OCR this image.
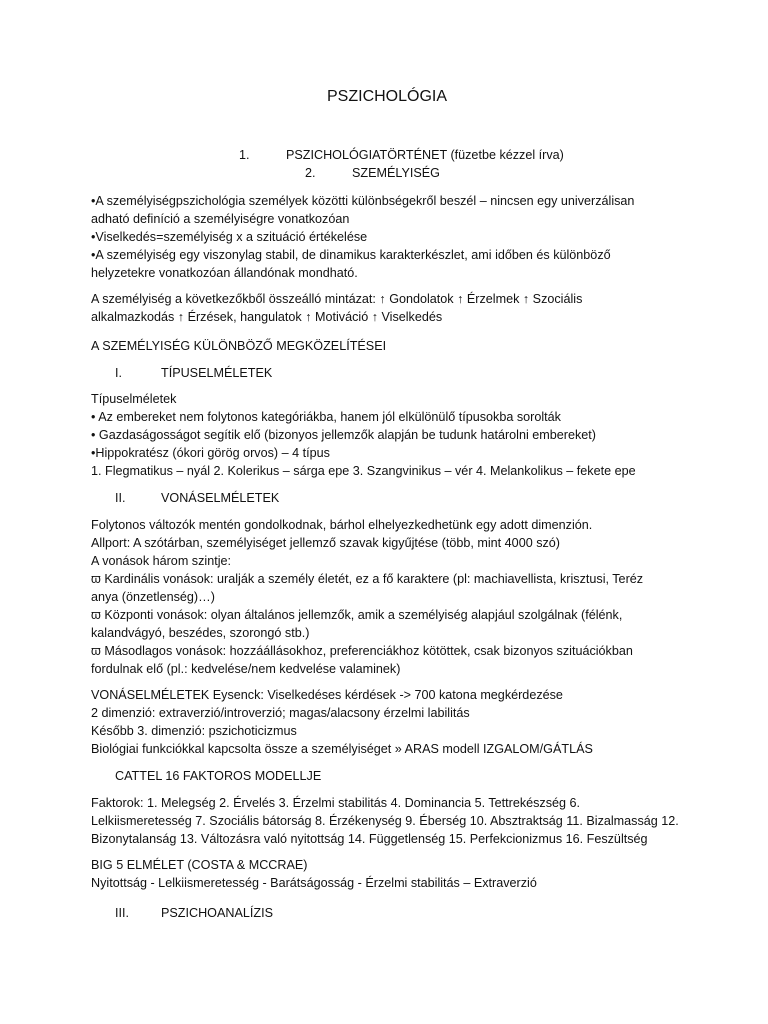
PSZICHOLÓGIA
1.	PSZICHOLÓGIATÖRTÉNET (füzetbe kézzel írva)
2.	SZEMÉLYISÉG
•A személyiségpszichológia személyek közötti különbségekről beszél – nincsen egy univerzálisan
adható definíció a személyiségre vonatkozóan
•Viselkedés=személyiség x a szituáció értékelése
•A személyiség egy viszonylag stabil, de dinamikus karakterkészlet, ami időben és különböző
helyzetekre vonatkozóan állandónak mondható.
A személyiség a következőkből összeálló mintázat: ↑ Gondolatok ↑ Érzelmek ↑ Szociális
alkalmazkodás ↑ Érzések, hangulatok ↑ Motiváció ↑ Viselkedés
A SZEMÉLYISÉG KÜLÖNBÖZŐ MEGKÖZELÍTÉSEI
I.	TÍPUSELMÉLETEK
Típuselméletek
• Az embereket nem folytonos kategóriákba, hanem jól elkülönülő típusokba sorolták
• Gazdaságosságot segítik elő (bizonyos jellemzők alapján be tudunk határolni embereket)
•Hippokratész (ókori görög orvos) – 4 típus
1. Flegmatikus – nyál 2. Kolerikus – sárga epe 3. Szangvinikus – vér 4. Melankolikus – fekete epe
II.	VONÁSELMÉLETEK
Folytonos változók mentén gondolkodnak, bárhol elhelyezkedhetünk egy adott dimenzión.
Allport: A szótárban, személyiséget jellemző szavak kigyűjtése (több, mint 4000 szó)
A vonások három szintje:
ϖ Kardinális vonások: uralják a személy életét, ez a fő karaktere (pl: machiavellista, krisztusi, Teréz
anya (önzetlenség)…)
ϖ Központi vonások: olyan általános jellemzők, amik a személyiség alapjául szolgálnak (félénk,
kalandvágyó, beszédes, szorongó stb.)
ϖ Másodlagos vonások: hozzáállásokhoz, preferenciákhoz kötöttek, csak bizonyos szituációkban
fordulnak elő (pl.: kedvelése/nem kedvelése valaminek)
VONÁSELMÉLETEK Eysenck: Viselkedéses kérdések -> 700 katona megkérdezése
2 dimenzió: extraverzió/introverzió; magas/alacsony érzelmi labilitás
Később 3. dimenzió: pszichoticizmus
Biológiai funkciókkal kapcsolta össze a személyiséget » ARAS modell IZGALOM/GÁTLÁS
CATTEL 16 FAKTOROS MODELLJE
Faktorok: 1. Melegség 2. Érvelés 3. Érzelmi stabilitás 4. Dominancia 5. Tettrekészség 6.
Lelkiismeretesség 7. Szociális bátorság 8. Érzékenység 9. Éberség 10. Absztraktság 11. Bizalmasság 12.
Bizonytalanság 13. Változásra való nyitottság 14. Függetlenség 15. Perfekcionizmus 16. Feszültség
BIG 5 ELMÉLET (COSTA & MCCRAE)
Nyitottság - Lelkiismeretesség - Barátságosság - Érzelmi stabilitás – Extraverzió
III.	PSZICHOANALÍZIS
